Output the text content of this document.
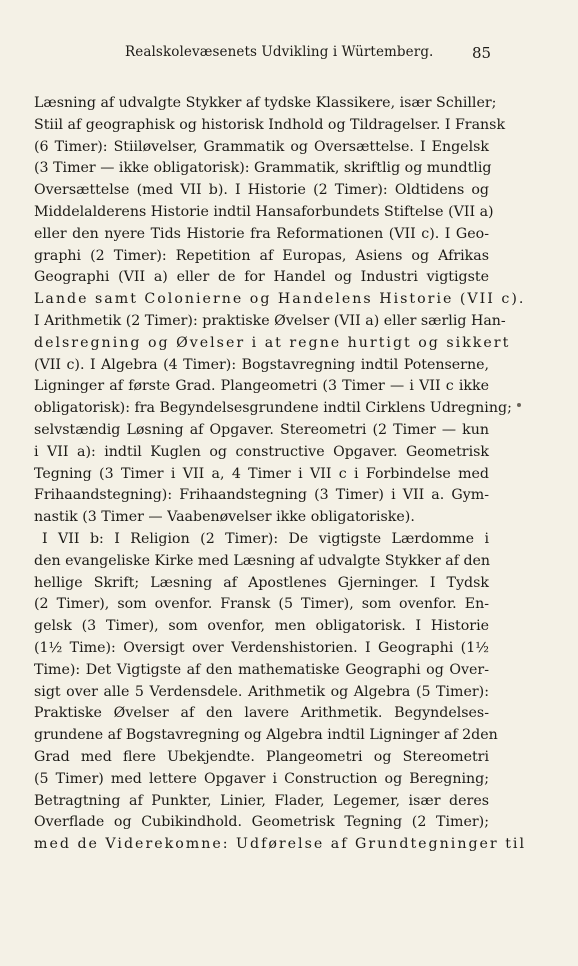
Realskolevæsenets Udvikling i Würtemberg.	85
Læsning af udvalgte Stykker af tydske Klassikere, især Schiller;
Stiil af geographisk og historisk Indhold og Tildragelser. I Fransk
(6 Timer): Stiiløvelser, Grammatik og Oversættelse. I Engelsk
(3 Timer — ikke obligatorisk): Grammatik, skriftlig og mundtlig
Oversættelse (med VII b). I Historie (2 Timer): Oldtidens og
Middelalderens Historie indtil Hansaforbundets Stiftelse (VII a)
eller den nyere Tids Historie fra Reformationen (VII c). I Geo-
graphi (2 Timer): Repetition af Europas, Asiens og Afrikas
Geographi (VII a) eller de for Handel og Industri vigtigste
Lande samt Colonierne og Handelens Historie (VII c).
I Arithmetik (2 Timer): praktiske Øvelser (VII a) eller særlig Han-
delsregning og Øvelser i at regne hurtigt og sikkert
(VII c). I Algebra (4 Timer): Bogstavregning indtil Potenserne,
Ligninger af første Grad. Plangeometri (3 Timer — i VII c ikke
obligatorisk): fra Begyndelsesgrundene indtil Cirklens Udregning;
selvstændig Løsning af Opgaver. Stereometri (2 Timer — kun
i VII a): indtil Kuglen og constructive Opgaver. Geometrisk
Tegning (3 Timer i VII a, 4 Timer i VII c i Forbindelse med
Frihaandstegning): Frihaandstegning (3 Timer) i VII a. Gym-
nastik (3 Timer — Vaabenøvelser ikke obligatoriske).
I VII b: I Religion (2 Timer): De vigtigste Lærdomme i
den evangeliske Kirke med Læsning af udvalgte Stykker af den
hellige Skrift; Læsning af Apostlenes Gjerninger. I Tydsk
(2 Timer), som ovenfor. Fransk (5 Timer), som ovenfor. En-
gelsk (3 Timer), som ovenfor, men obligatorisk. I Historie
(1½ Time): Oversigt over Verdenshistorien. I Geographi (1½
Time): Det Vigtigste af den mathematiske Geographi og Over-
sigt over alle 5 Verdensdele. Arithmetik og Algebra (5 Timer):
Praktiske Øvelser af den lavere Arithmetik. Begyndelses-
grundene af Bogstavregning og Algebra indtil Ligninger af 2den
Grad med flere Ubekjendte. Plangeometri og Stereometri
(5 Timer) med lettere Opgaver i Construction og Beregning;
Betragtning af Punkter, Linier, Flader, Legemer, især deres
Overflade og Cubikindhold. Geometrisk Tegning (2 Timer);
med de Viderekomne: Udførelse af Grundtegninger til
